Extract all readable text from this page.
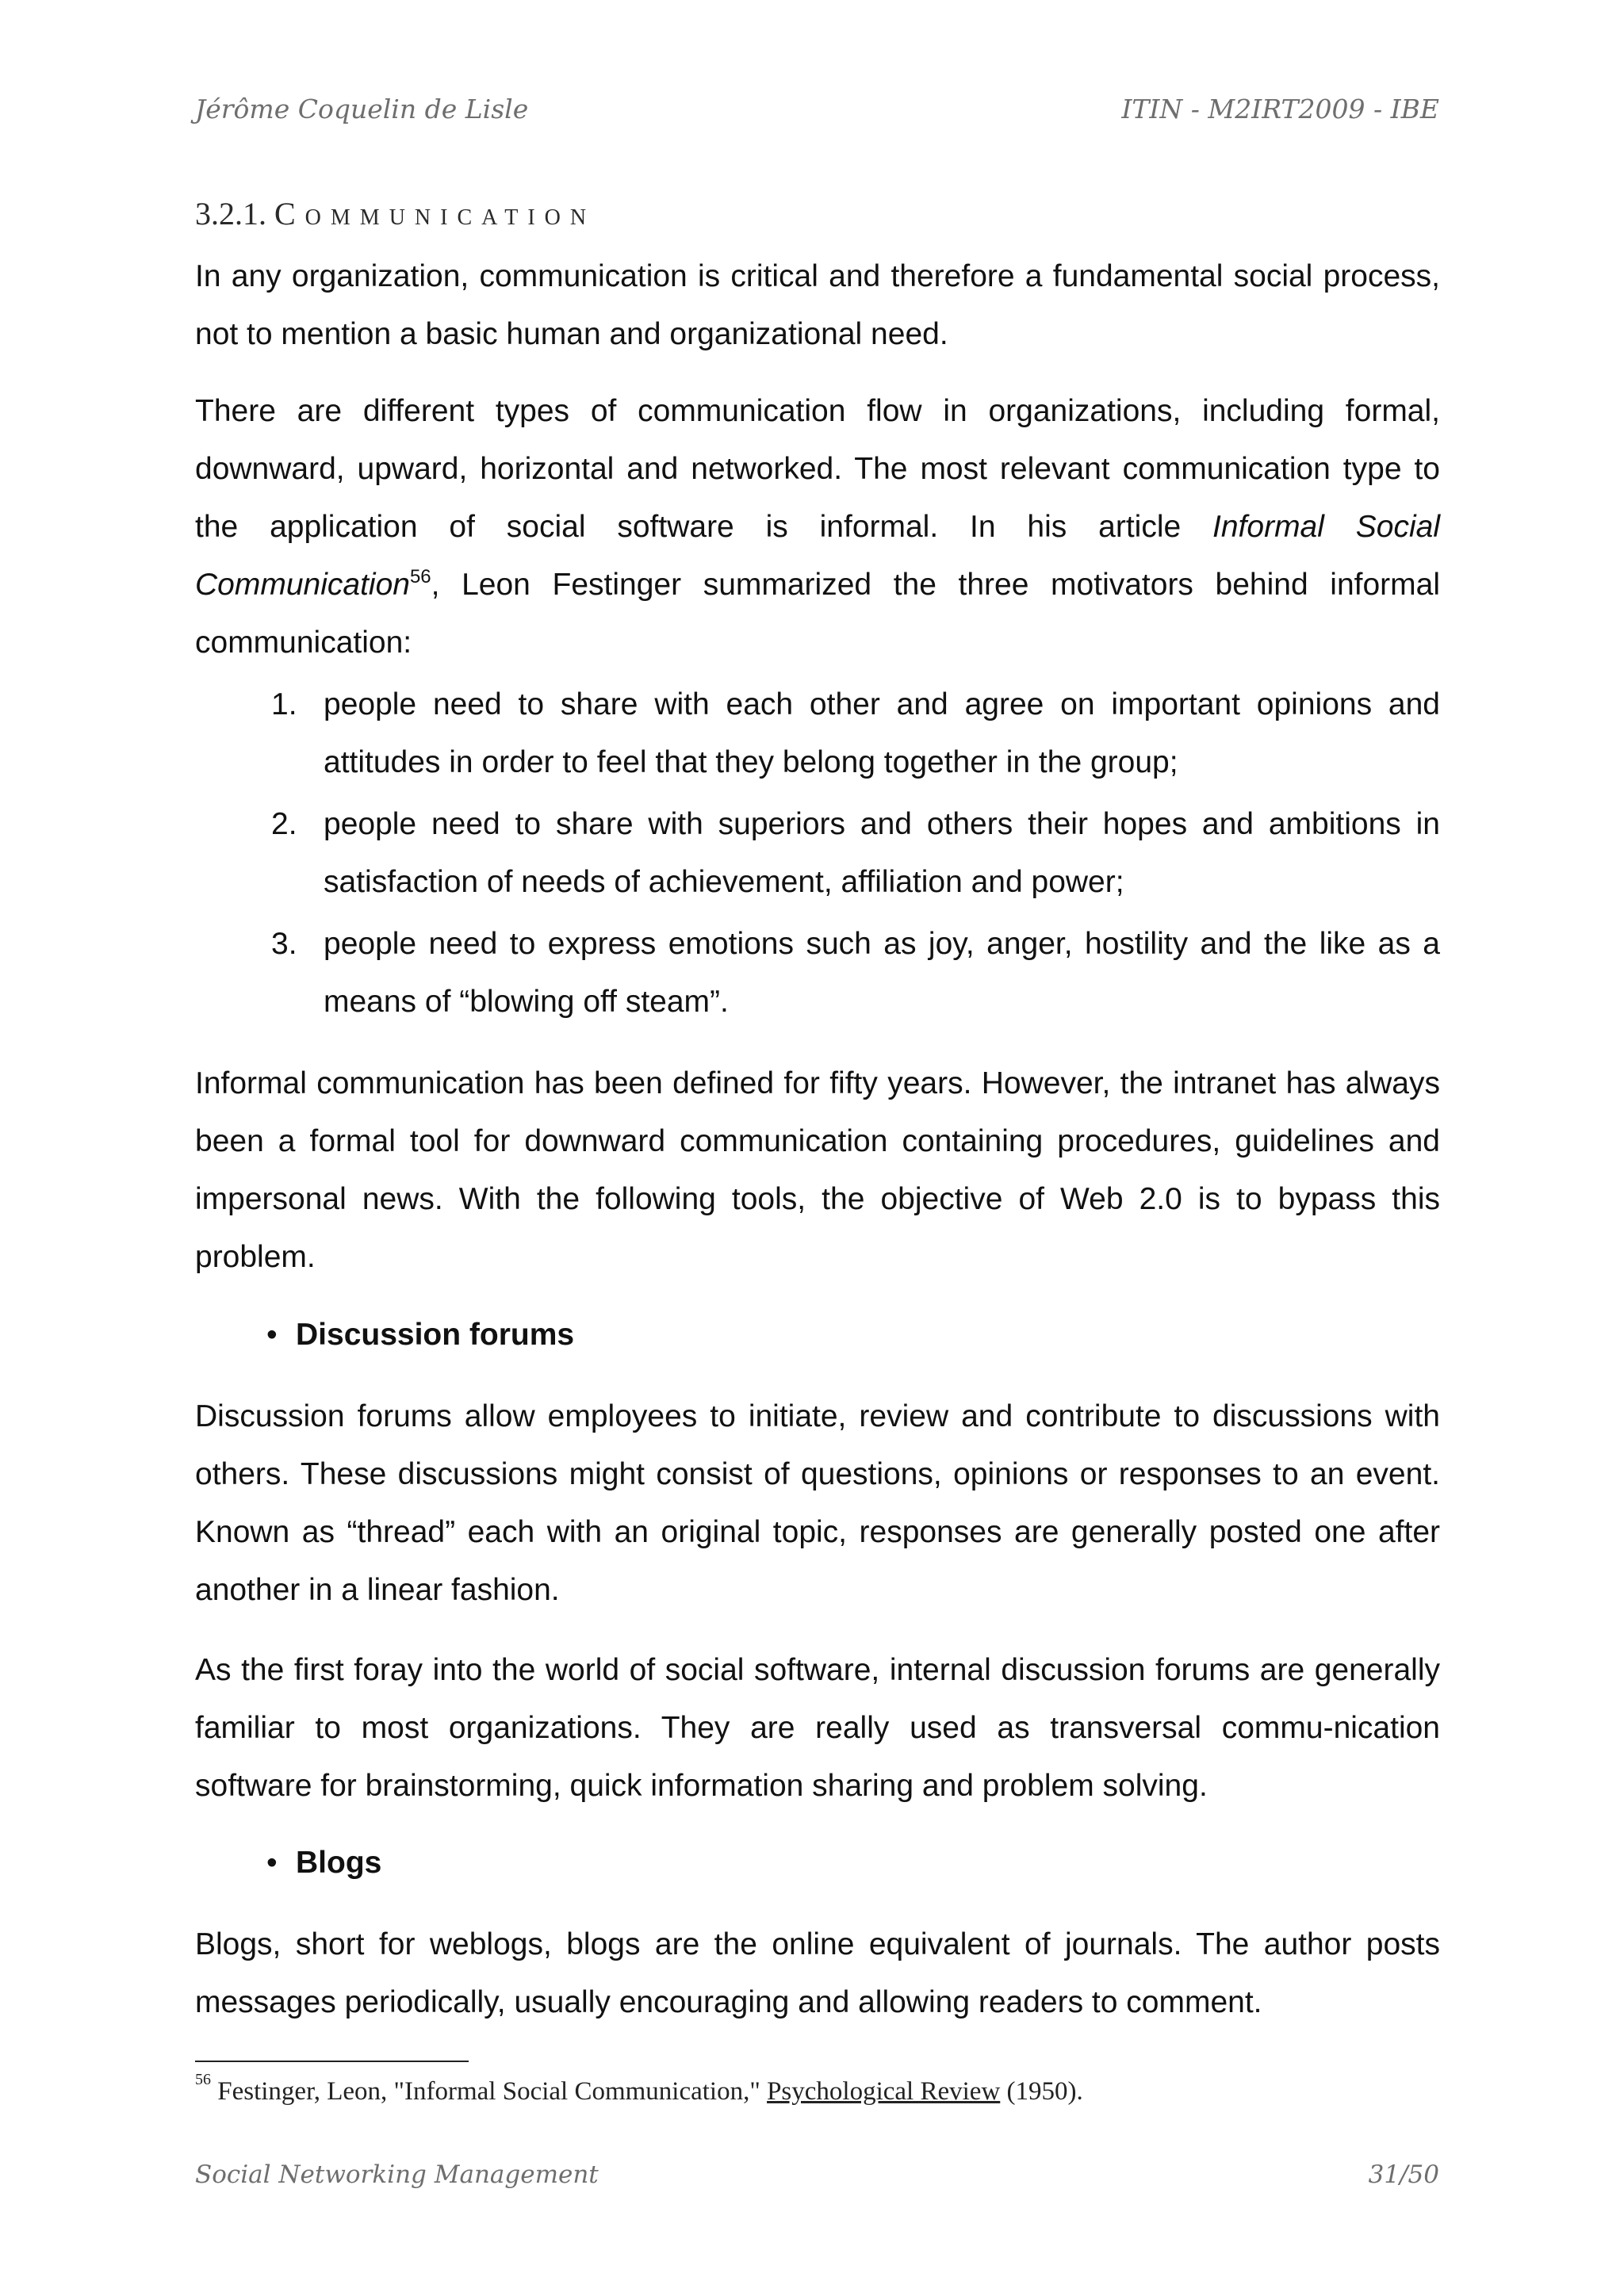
Jérôme Coquelin de Lisle	ITIN - M2IRT2009 - IBE
3.2.1. Communication

In any organization, communication is critical and therefore a fundamental social process, not to mention a basic human and organizational need.

There are different types of communication flow in organizations, including formal, downward, upward, horizontal and networked. The most relevant communication type to the application of social software is informal. In his article Informal Social Communication$^{56}$, Leon Festinger summarized the three motivators behind informal communication:

1. people need to share with each other and agree on important opinions and attitudes in order to feel that they belong together in the group;
2. people need to share with superiors and others their hopes and ambitions in satisfaction of needs of achievement, affiliation and power;
3. people need to express emotions such as joy, anger, hostility and the like as a means of “blowing off steam”.

Informal communication has been defined for fifty years. However, the intranet has always been a formal tool for downward communication containing procedures, guidelines and impersonal news. With the following tools, the objective of Web 2.0 is to bypass this problem.

• Discussion forums

Discussion forums allow employees to initiate, review and contribute to discussions with others. These discussions might consist of questions, opinions or responses to an event. Known as “thread” each with an original topic, responses are generally posted one after another in a linear fashion.

As the first foray into the world of social software, internal discussion forums are generally familiar to most organizations. They are really used as transversal commu-nication software for brainstorming, quick information sharing and problem solving.

• Blogs

Blogs, short for weblogs, blogs are the online equivalent of journals. The author posts messages periodically, usually encouraging and allowing readers to comment.

$^{56}$ Festinger, Leon, "Informal Social Communication," Psychological Review (1950).
Social Networking Management	31/50
